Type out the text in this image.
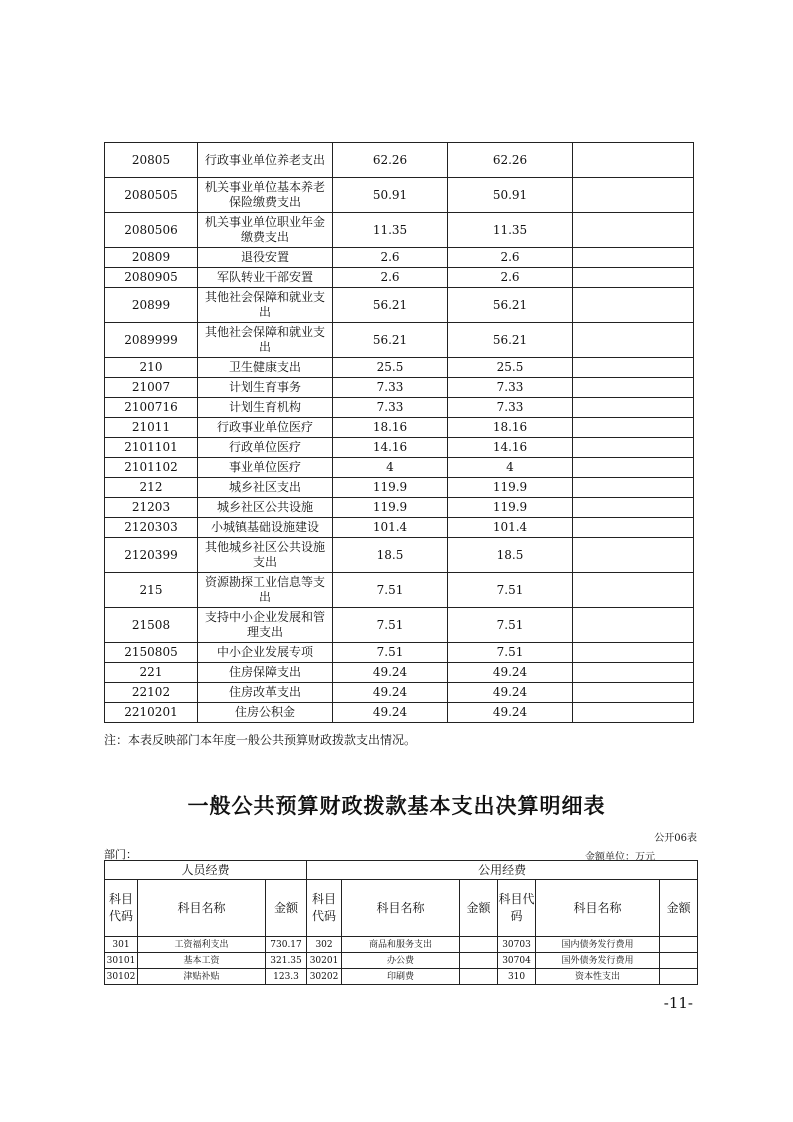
20805	行政事业单位养老支出	62.26	62.26	
2080505	机关事业单位基本养老保险缴费支出	50.91	50.91	
2080506	机关事业单位职业年金缴费支出	11.35	11.35	
20809	退役安置	2.6	2.6	
2080905	军队转业干部安置	2.6	2.6	
20899	其他社会保障和就业支出	56.21	56.21	
2089999	其他社会保障和就业支出	56.21	56.21	
210	卫生健康支出	25.5	25.5	
21007	计划生育事务	7.33	7.33	
2100716	计划生育机构	7.33	7.33	
21011	行政事业单位医疗	18.16	18.16	
2101101	行政单位医疗	14.16	14.16	
2101102	事业单位医疗	4	4	
212	城乡社区支出	119.9	119.9	
21203	城乡社区公共设施	119.9	119.9	
2120303	小城镇基础设施建设	101.4	101.4	
2120399	其他城乡社区公共设施支出	18.5	18.5	
215	资源勘探工业信息等支出	7.51	7.51	
21508	支持中小企业发展和管理支出	7.51	7.51	
2150805	中小企业发展专项	7.51	7.51	
221	住房保障支出	49.24	49.24	
22102	住房改革支出	49.24	49.24	
2210201	住房公积金	49.24	49.24	
注：本表反映部门本年度一般公共预算财政拨款支出情况。
一般公共预算财政拨款基本支出决算明细表
公开06表
部门：	金额单位：万元
人员经费			公用经费					
科目代码	科目名称	金额	科目代码	科目名称	金额	科目代码	科目名称	金额
301	工资福利支出	730.17	302	商品和服务支出		30703	国内债务发行费用	
30101	基本工资	321.35	30201	办公费		30704	国外债务发行费用	
30102	津贴补贴	123.3	30202	印刷费		310	资本性支出	
-11-
